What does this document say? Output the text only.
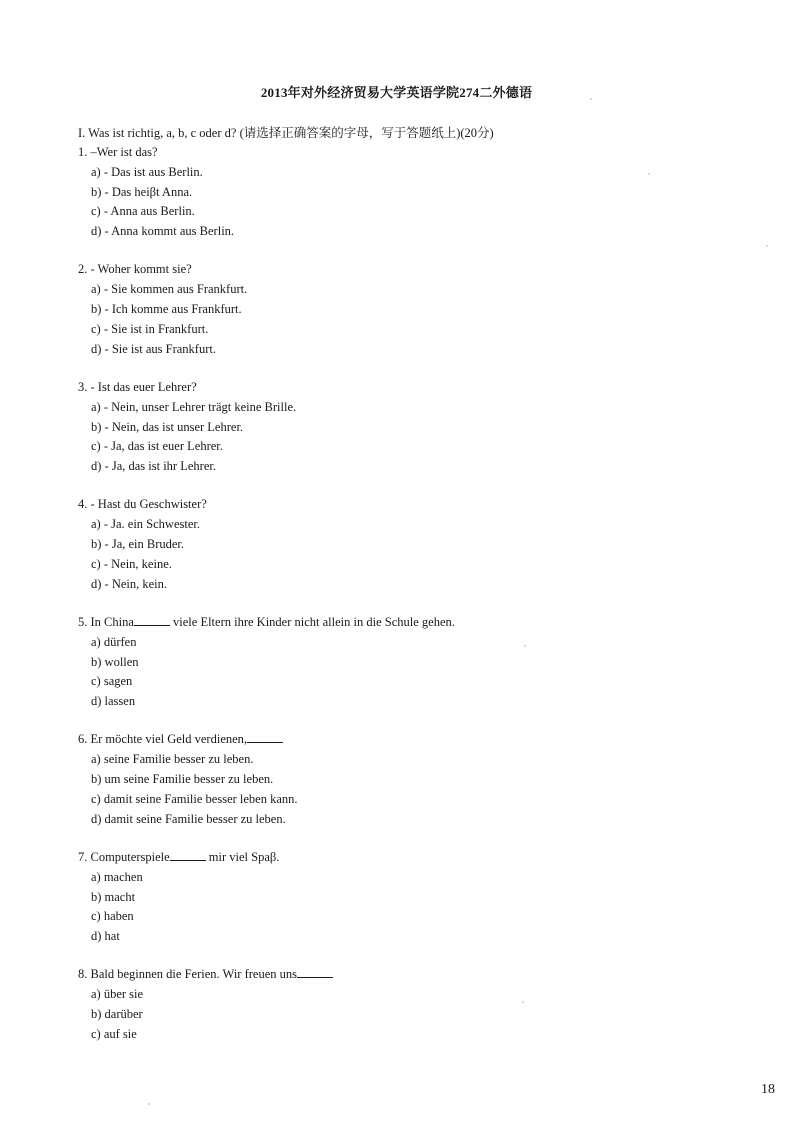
2013年对外经济贸易大学英语学院274二外德语
I. Was ist richtig, a, b, c oder d? (请选择正确答案的字母，写于答题纸上)(20分)
1. –Wer ist das?
a) - Das ist aus Berlin.
b) - Das heiβt Anna.
c) - Anna aus Berlin.
d) - Anna kommt aus Berlin.
2. - Woher kommt sie?
a) - Sie kommen aus Frankfurt.
b) - Ich komme aus Frankfurt.
c) - Sie ist in Frankfurt.
d) - Sie ist aus Frankfurt.
3. - Ist das euer Lehrer?
a) - Nein, unser Lehrer trägt keine Brille.
b) - Nein, das ist unser Lehrer.
c) - Ja, das ist euer Lehrer.
d) - Ja, das ist ihr Lehrer.
4. - Hast du Geschwister?
a) - Ja. ein Schwester.
b) - Ja, ein Bruder.
c) - Nein, keine.
d) - Nein, kein.
5. In China	viele Eltern ihre Kinder nicht allein in die Schule gehen.
a) dürfen
b) wollen
c) sagen
d) lassen
6. Er möchte viel Geld verdienen,
a) seine Familie besser zu leben.
b) um seine Familie besser zu leben.
c) damit seine Familie besser leben kann.
d) damit seine Familie besser zu leben.
7. Computerspiele	mir viel Spaβ.
a) machen
b) macht
c) haben
d) hat
8. Bald beginnen die Ferien. Wir freuen uns
a) über sie
b) darüber
c) auf sie
18
